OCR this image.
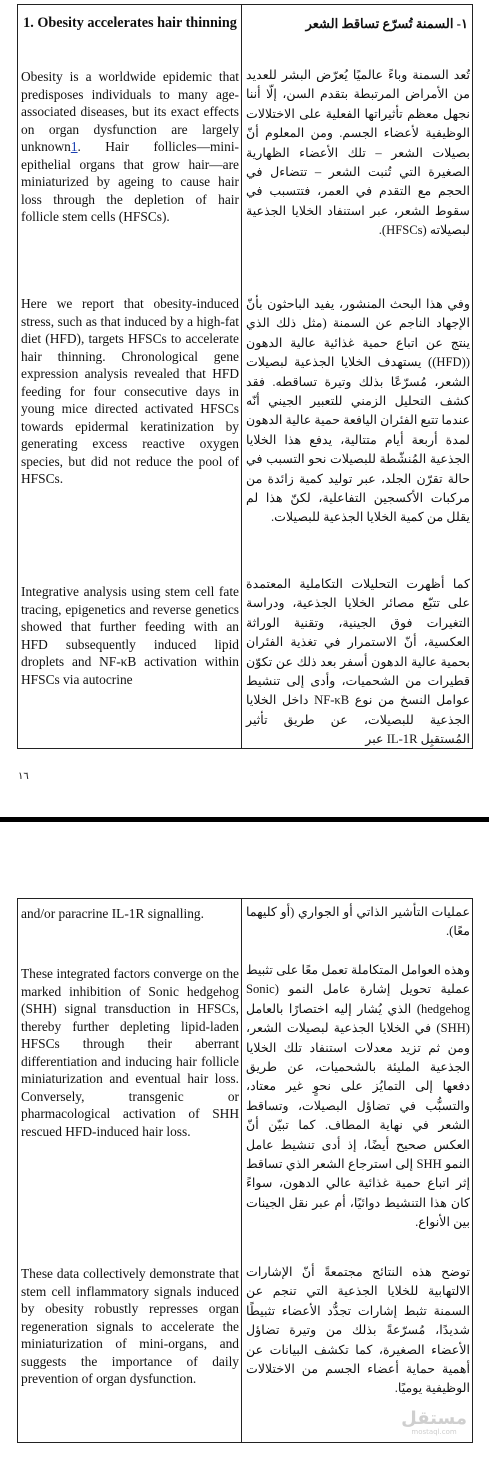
1. Obesity accelerates hair thinning	١- السمنة تُسرّع تساقط الشعر
Obesity is a worldwide epidemic that predisposes individuals to many age-associated diseases, but its exact effects on organ dysfunction are largely unknown1. Hair follicles—mini-epithelial organs that grow hair—are miniaturized by ageing to cause hair loss through the depletion of hair follicle stem cells (HFSCs).
تُعد السمنة وباءً عالميًا يُعرّض البشر للعديد من الأمراض المرتبطة بتقدم السن، إلّا أننا نجهل معظم تأثيراتها الفعلية على الاختلالات الوظيفية لأعضاء الجسم. ومن المعلوم أنّ بصيلات الشعر – تلك الأعضاء الظهارية الصغيرة التي تُنبت الشعر – تتضاءل في الحجم مع التقدم في العمر، فتتسبب في سقوط الشعر، عبر استنفاد الخلايا الجذعية لبصيلاته (HFSCs).
Here we report that obesity-induced stress, such as that induced by a high-fat diet (HFD), targets HFSCs to accelerate hair thinning. Chronological gene expression analysis revealed that HFD feeding for four consecutive days in young mice directed activated HFSCs towards epidermal keratinization by generating excess reactive oxygen species, but did not reduce the pool of HFSCs.
وفي هذا البحث المنشور، يفيد الباحثون بأنّ الإجهاد الناجم عن السمنة (مثل ذلك الذي ينتج عن اتباع حمية غذائية عالية الدهون ((HFD)) يستهدف الخلايا الجذعية لبصيلات الشعر، مُسرّعًا بذلك وتيرة تساقطه. فقد كشف التحليل الزمني للتعبير الجيني أنّه عندما تتبع الفئران اليافعة حمية عالية الدهون لمدة أربعة أيام متتالية، يدفع هذا الخلايا الجذعية المُنشّطة للبصيلات نحو التسبب في حالة تقرّن الجلد، عبر توليد كمية زائدة من مركبات الأكسجين التفاعلية، لكنّ هذا لم يقلل من كمية الخلايا الجذعية للبصيلات.
Integrative analysis using stem cell fate tracing, epigenetics and reverse genetics showed that further feeding with an HFD subsequently induced lipid droplets and NF-κB activation within HFSCs via autocrine
كما أظهرت التحليلات التكاملية المعتمدة على تتبّع مصائر الخلايا الجذعية، ودراسة التغيرات فوق الجينية، وتقنية الوراثة العكسية، أنّ الاستمرار في تغذية الفئران بحمية عالية الدهون أسفر بعد ذلك عن تكوّن قطيرات من الشحميات، وأدى إلى تنشيط عوامل النسخ من نوع NF-κB داخل الخلايا الجذعية للبصيلات، عن طريق تأثير المُستقبِل IL-1R عبر
١٦
and/or paracrine IL-1R signalling.	عمليات التأشير الذاتي أو الجواري (أو كليهما معًا).
These integrated factors converge on the marked inhibition of Sonic hedgehog (SHH) signal transduction in HFSCs, thereby further depleting lipid-laden HFSCs through their aberrant differentiation and inducing hair follicle miniaturization and eventual hair loss. Conversely, transgenic or pharmacological activation of SHH rescued HFD-induced hair loss.
وهذه العوامل المتكاملة تعمل معًا على تثبيط عملية تحويل إشارة عامل النمو (Sonic hedgehog) الذي يُشار إليه اختصارًا بالعامل (SHH) في الخلايا الجذعية لبصيلات الشعر، ومن ثم تزيد معدلات استنفاد تلك الخلايا الجذعية المليئة بالشحميات، عن طريق دفعها إلى التمايُز على نحوٍ غير معتاد، والتسبُّب في تضاؤل البصيلات، وتساقط الشعر في نهاية المطاف. كما تبيّن أنّ العكس صحيح أيضًا، إذ أدى تنشيط عامل النمو SHH إلى استرجاع الشعر الذي تساقط إثر اتباع حمية غذائية عالي الدهون، سواءً كان هذا التنشيط دوائيًا، أم عبر نقل الجينات بين الأنواع.
These data collectively demonstrate that stem cell inflammatory signals induced by obesity robustly represses organ regeneration signals to accelerate the miniaturization of mini-organs, and suggests the importance of daily prevention of organ dysfunction.
توضح هذه النتائج مجتمعةً أنّ الإشارات الالتهابية للخلايا الجذعية التي تنجم عن السمنة تثبط إشارات تجدُّد الأعضاء تثبيطًا شديدًا، مُسرّعةً بذلك من وتيرة تضاؤل الأعضاء الصغيرة، كما تكشف البيانات عن أهمية حماية أعضاء الجسم من الاختلالات الوظيفية يوميًا.
مستقل
mostaql.com
